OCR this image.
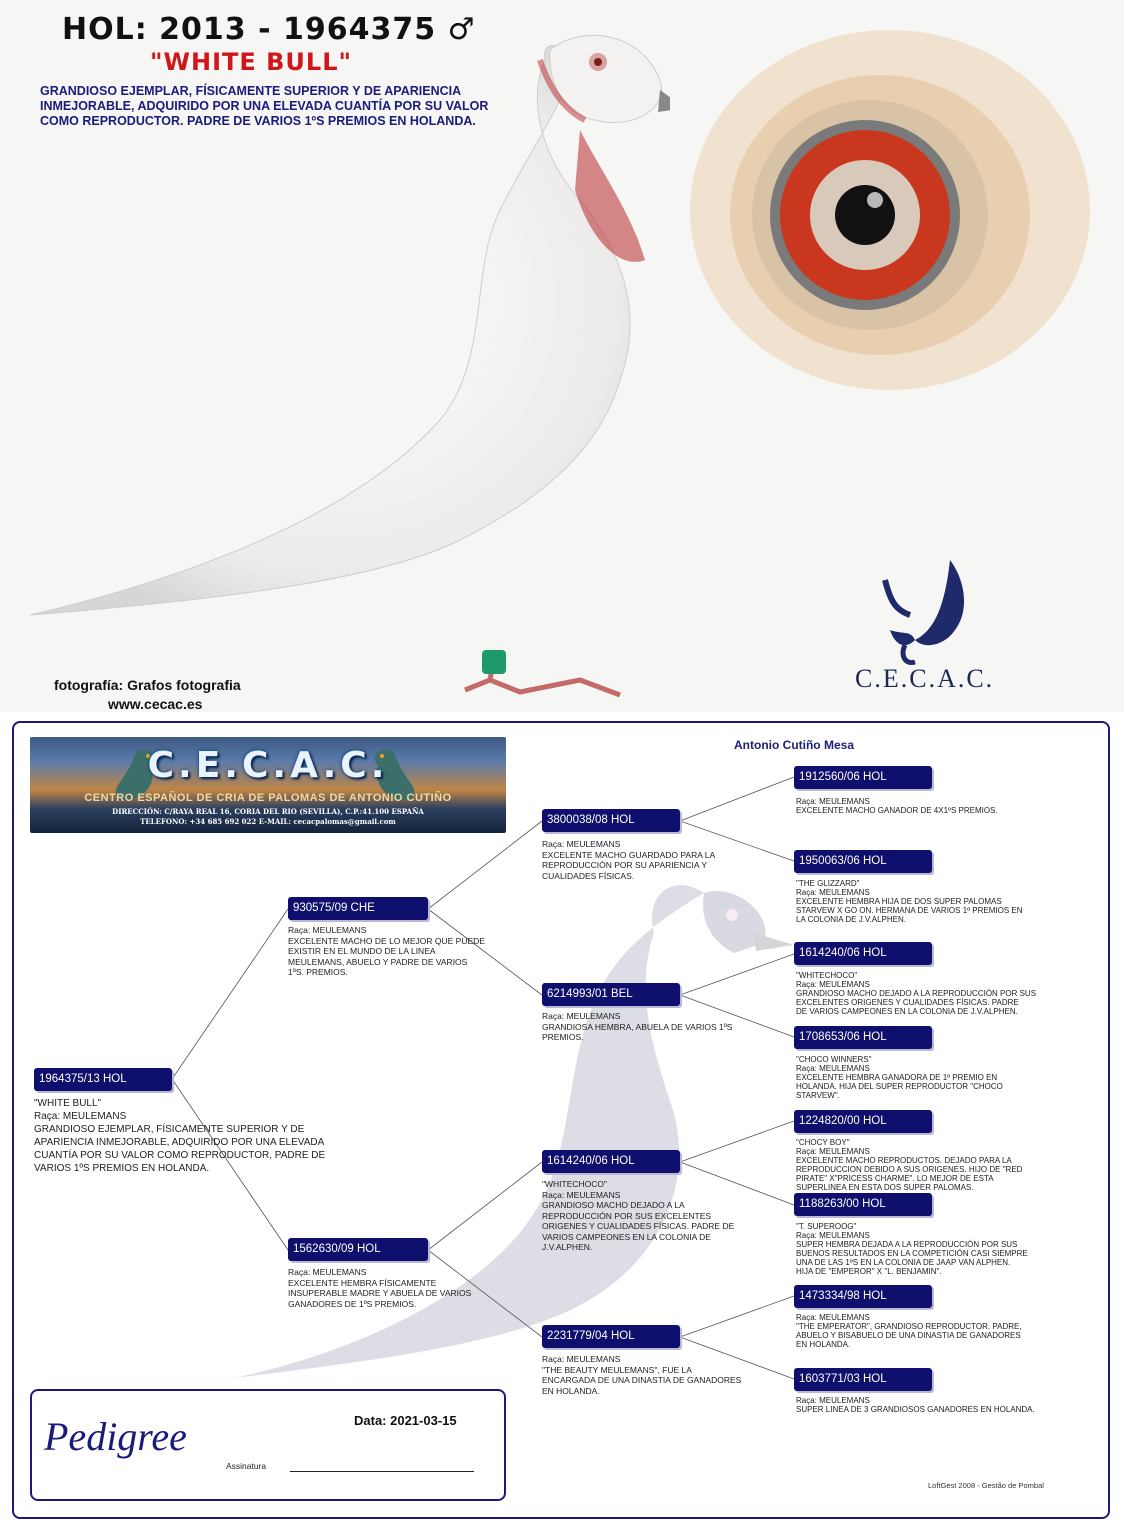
HOL: 2013 - 1964375 ♂
"WHITE BULL"
GRANDIOSO EJEMPLAR, FÍSICAMENTE SUPERIOR Y DE APARIENCIA INMEJORABLE, ADQUIRIDO POR UNA ELEVADA CUANTÍA POR SU VALOR COMO REPRODUCTOR. PADRE DE VARIOS 1ºS PREMIOS EN HOLANDA.
fotografía: Grafos fotografia
www.cecac.es
C.E.C.A.C.
C.E.C.A.C.
CENTRO ESPAÑOL DE CRIA DE PALOMAS DE ANTONIO CUTIÑO
DIRECCIÓN: C/RAYA REAL 16, CORIA DEL RIO (SEVILLA), C.P.:41.100 ESPAÑA
TELEFONO: +34 685 692 022 E-MAIL: cecacpalomas@gmail.com
Antonio Cutiño Mesa
1964375/13 HOL
"WHITE BULL"
Raça: MEULEMANS
GRANDIOSO EJEMPLAR, FÍSICAMENTE SUPERIOR Y DE
APARIENCIA INMEJORABLE, ADQUIRIDO POR UNA ELEVADA
CUANTÍA POR SU VALOR COMO REPRODUCTOR, PADRE DE
VARIOS 1ºS PREMIOS EN HOLANDA.
930575/09 CHE
Raça: MEULEMANS
EXCELENTE MACHO DE LO MEJOR QUE PUEDE
EXISTIR EN EL MUNDO DE LA LINEA
MEULEMANS, ABUELO Y PADRE DE VARIOS
1ºS. PREMIOS.
1562630/09 HOL
Raça: MEULEMANS
EXCELENTE HEMBRA FÍSICAMENTE
INSUPERABLE MADRE Y ABUELA DE VARIOS
GANADORES DE 1ºS PREMIOS.
3800038/08 HOL
Raça: MEULEMANS
EXCELENTE MACHO GUARDADO PARA LA
REPRODUCCIÓN POR SU APARIENCIA Y
CUALIDADES FÍSICAS.
6214993/01 BEL
Raça: MEULEMANS
GRANDIOSA HEMBRA, ABUELA DE VARIOS 1ºS
PREMIOS.
1614240/06 HOL
"WHITECHOCO"
Raça: MEULEMANS
GRANDIOSO MACHO DEJADO A LA
REPRODUCCIÓN POR SUS EXCELENTES
ORIGENES Y CUALIDADES FÍSICAS. PADRE DE
VARIOS CAMPEONES EN LA COLONIA DE
J.V.ALPHEN.
2231779/04 HOL
Raça: MEULEMANS
"THE BEAUTY MEULEMANS", FUE LA
ENCARGADA DE UNA DINASTIA DE GANADORES
EN HOLANDA.
1912560/06 HOL
Raça: MEULEMANS
EXCELENTE MACHO GANADOR DE 4X1ºS PREMIOS.
1950063/06 HOL
"THE GLIZZARD"
Raça: MEULEMANS
EXCELENTE HEMBRA HIJA DE DOS SUPER PALOMAS
STARVEW X GO ON. HERMANA DE VARIOS 1º PREMIOS EN
LA COLONIA DE J.V.ALPHEN.
1614240/06 HOL
"WHITECHOCO"
Raça: MEULEMANS
GRANDIOSO MACHO DEJADO A LA REPRODUCCIÓN POR SUS
EXCELENTES ORIGENES Y CUALIDADES FÍSICAS. PADRE
DE VARIOS CAMPEONES EN LA COLONIA DE J.V.ALPHEN.
1708653/06 HOL
"CHOCO WINNERS"
Raça: MEULEMANS
EXCELENTE HEMBRA GANADORA DE 1º PREMIO EN
HOLANDA. HIJA DEL SUPER REPRODUCTOR "CHOCO
STARVEW".
1224820/00 HOL
"CHOCY BOY"
Raça: MEULEMANS
EXCELENTE MACHO REPRODUCTOS. DEJADO PARA LA
REPRODUCCION DEBIDO A SUS ORIGENES. HIJO DE "RED
PIRATE" X"PRICESS CHARME". LO MEJOR DE ESTA
SUPERLINEA EN ESTA DOS SUPER PALOMAS.
1188263/00 HOL
"T. SUPEROOG"
Raça: MEULEMANS
SUPER HEMBRA DEJADA A LA REPRODUCCIÓN POR SUS
BUENOS RESULTADOS EN LA COMPETICIÓN CASI SIEMPRE
UNA DE LAS 1ºS EN LA COLONIA DE JAAP VAN ALPHEN.
HIJA DE "EMPEROR" X "L. BENJAMIN".
1473334/98 HOL
Raça: MEULEMANS
"THE EMPERATOR", GRANDIOSO REPRODUCTOR. PADRE,
ABUELO Y BISABUELO DE UNA DINASTIA DE GANADORES
EN HOLANDA.
1603771/03 HOL
Raça: MEULEMANS
SUPER LINEA DE 3 GRANDIOSOS GANADORES EN HOLANDA.
Pedigree	Data: 2021-03-15
Assinatura
LoftGest 2008 - Gestão de Pombal
